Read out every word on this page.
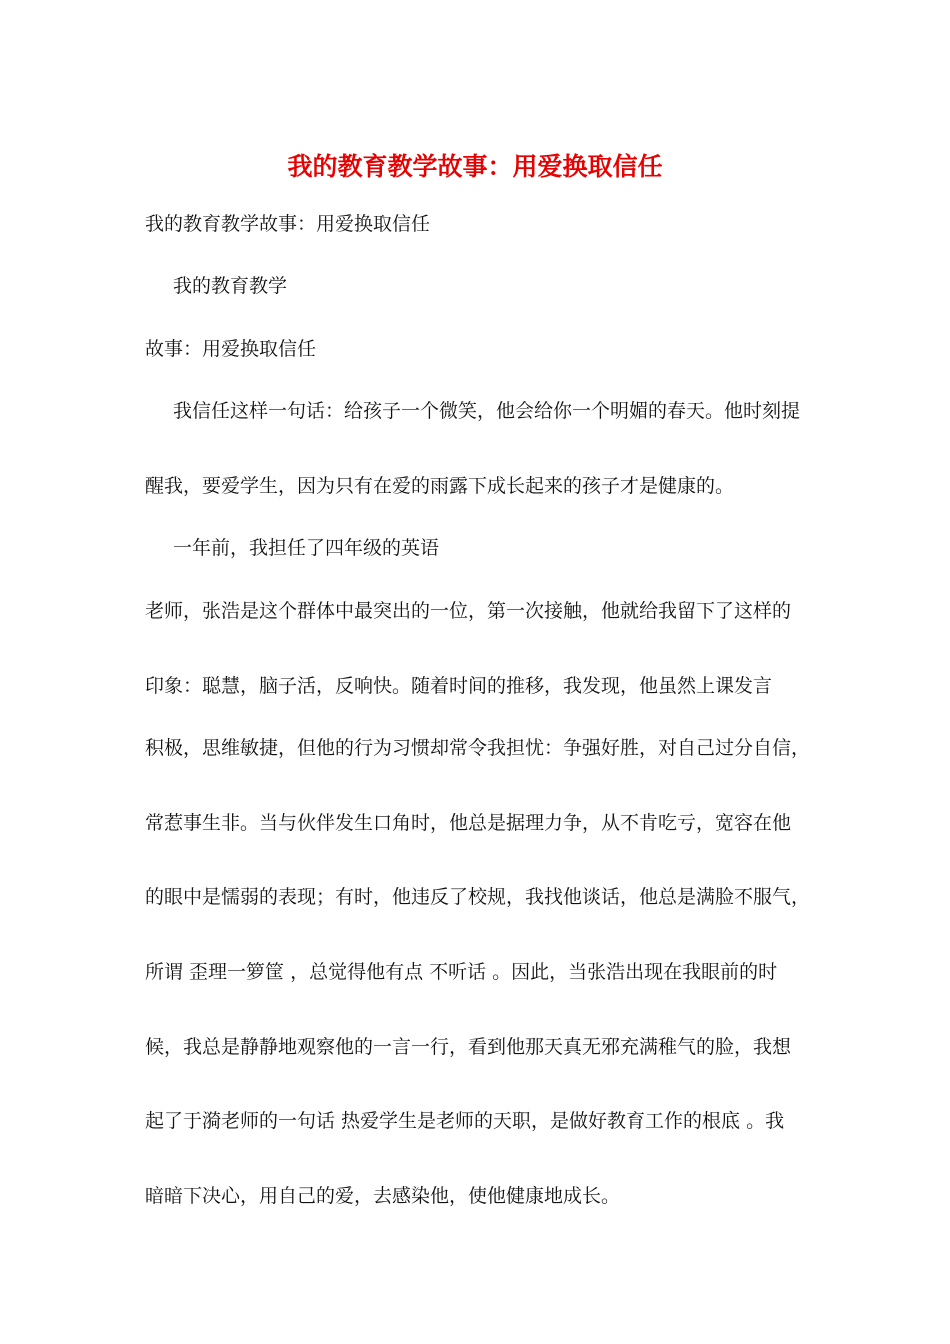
我的教育教学故事：用爱换取信任
我的教育教学故事：用爱换取信任
我的教育教学
故事：用爱换取信任
我信任这样一句话：给孩子一个微笑，他会给你一个明媚的春天。他时刻提
醒我，要爱学生，因为只有在爱的雨露下成长起来的孩子才是健康的。
一年前，我担任了四年级的英语
老师，张浩是这个群体中最突出的一位，第一次接触，他就给我留下了这样的
印象：聪慧，脑子活，反响快。随着时间的推移，我发现，他虽然上课发言
积极，思维敏捷，但他的行为习惯却常令我担忧：争强好胜，对自己过分自信，
常惹事生非。当与伙伴发生口角时，他总是据理力争，从不肯吃亏，宽容在他
的眼中是懦弱的表现；有时，他违反了校规，我找他谈话，他总是满脸不服气，
所谓 歪理一箩筐 ，总觉得他有点 不听话 。因此，当张浩出现在我眼前的时
候，我总是静静地观察他的一言一行，看到他那天真无邪充满稚气的脸，我想
起了于漪老师的一句话 热爱学生是老师的天职，是做好教育工作的根底 。我
暗暗下决心，用自己的爱，去感染他，使他健康地成长。
